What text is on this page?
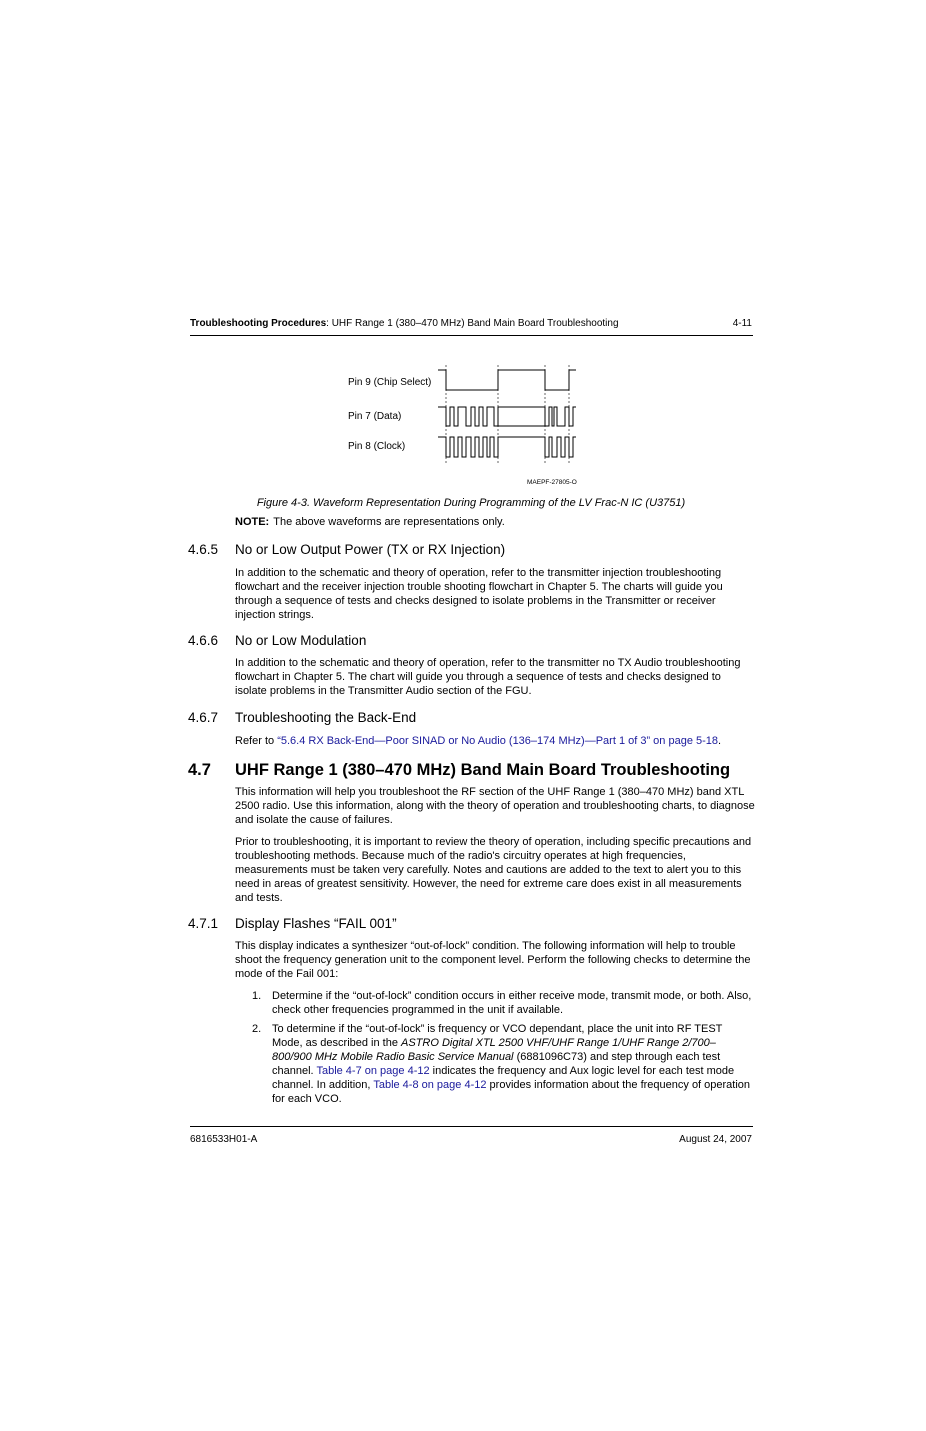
Troubleshooting Procedures: UHF Range 1 (380–470 MHz) Band Main Board Troubleshooting	4-11
Pin 9 (Chip Select)
Pin 7 (Data)
Pin 8 (Clock)
MAEPF-27805-O
Figure 4-3. Waveform Representation During Programming of the LV Frac-N IC (U3751)
NOTE: The above waveforms are representations only.
4.6.5 No or Low Output Power (TX or RX Injection)

In addition to the schematic and theory of operation, refer to the transmitter injection troubleshooting flowchart and the receiver injection trouble shooting flowchart in Chapter 5. The charts will guide you through a sequence of tests and checks designed to isolate problems in the Transmitter or receiver injection strings.

4.6.6 No or Low Modulation

In addition to the schematic and theory of operation, refer to the transmitter no TX Audio troubleshooting flowchart in Chapter 5. The chart will guide you through a sequence of tests and checks designed to isolate problems in the Transmitter Audio section of the FGU.

4.6.7 Troubleshooting the Back-End

Refer to “5.6.4 RX Back-End—Poor SINAD or No Audio (136–174 MHz)—Part 1 of 3” on page 5-18.

4.7 UHF Range 1 (380–470 MHz) Band Main Board Troubleshooting

This information will help you troubleshoot the RF section of the UHF Range 1 (380–470 MHz) band XTL 2500 radio. Use this information, along with the theory of operation and troubleshooting charts, to diagnose and isolate the cause of failures.

Prior to troubleshooting, it is important to review the theory of operation, including specific precautions and troubleshooting methods. Because much of the radio's circuitry operates at high frequencies, measurements must be taken very carefully. Notes and cautions are added to the text to alert you to this need in areas of greatest sensitivity. However, the need for extreme care does exist in all measurements and tests.

4.7.1 Display Flashes “FAIL 001”

This display indicates a synthesizer “out-of-lock” condition. The following information will help to trouble shoot the frequency generation unit to the component level. Perform the following checks to determine the mode of the Fail 001:

1. Determine if the “out-of-lock” condition occurs in either receive mode, transmit mode, or both. Also, check other frequencies programmed in the unit if available.
2. To determine if the “out-of-lock” is frequency or VCO dependant, place the unit into RF TEST Mode, as described in the ASTRO Digital XTL 2500 VHF/UHF Range 1/UHF Range 2/700–800/900 MHz Mobile Radio Basic Service Manual (6881096C73) and step through each test channel. Table 4-7 on page 4-12 indicates the frequency and Aux logic level for each test mode channel. In addition, Table 4-8 on page 4-12 provides information about the frequency of operation for each VCO.
6816533H01-A	August 24, 2007
